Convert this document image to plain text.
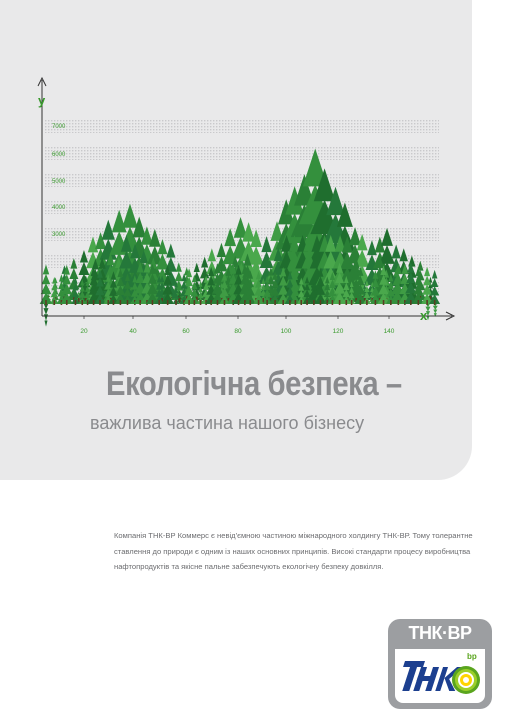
y
x
7000
6000
5000
4000
3000
20	40	60	80	100	120	140
Екологічна безпека –
важлива частина нашого бізнесу

Компанія ТНК-ВР Коммерс є невід'ємною частиною міжнародного холдингу ТНК-ВР. Тому толерантне

ставлення до природи є одним із наших основних принципів. Високі стандарти процесу виробництва

нафтопродуктів та якісне пальне забезпечують екологічну безпеку довкілля.

ТНК·ВР
bp
